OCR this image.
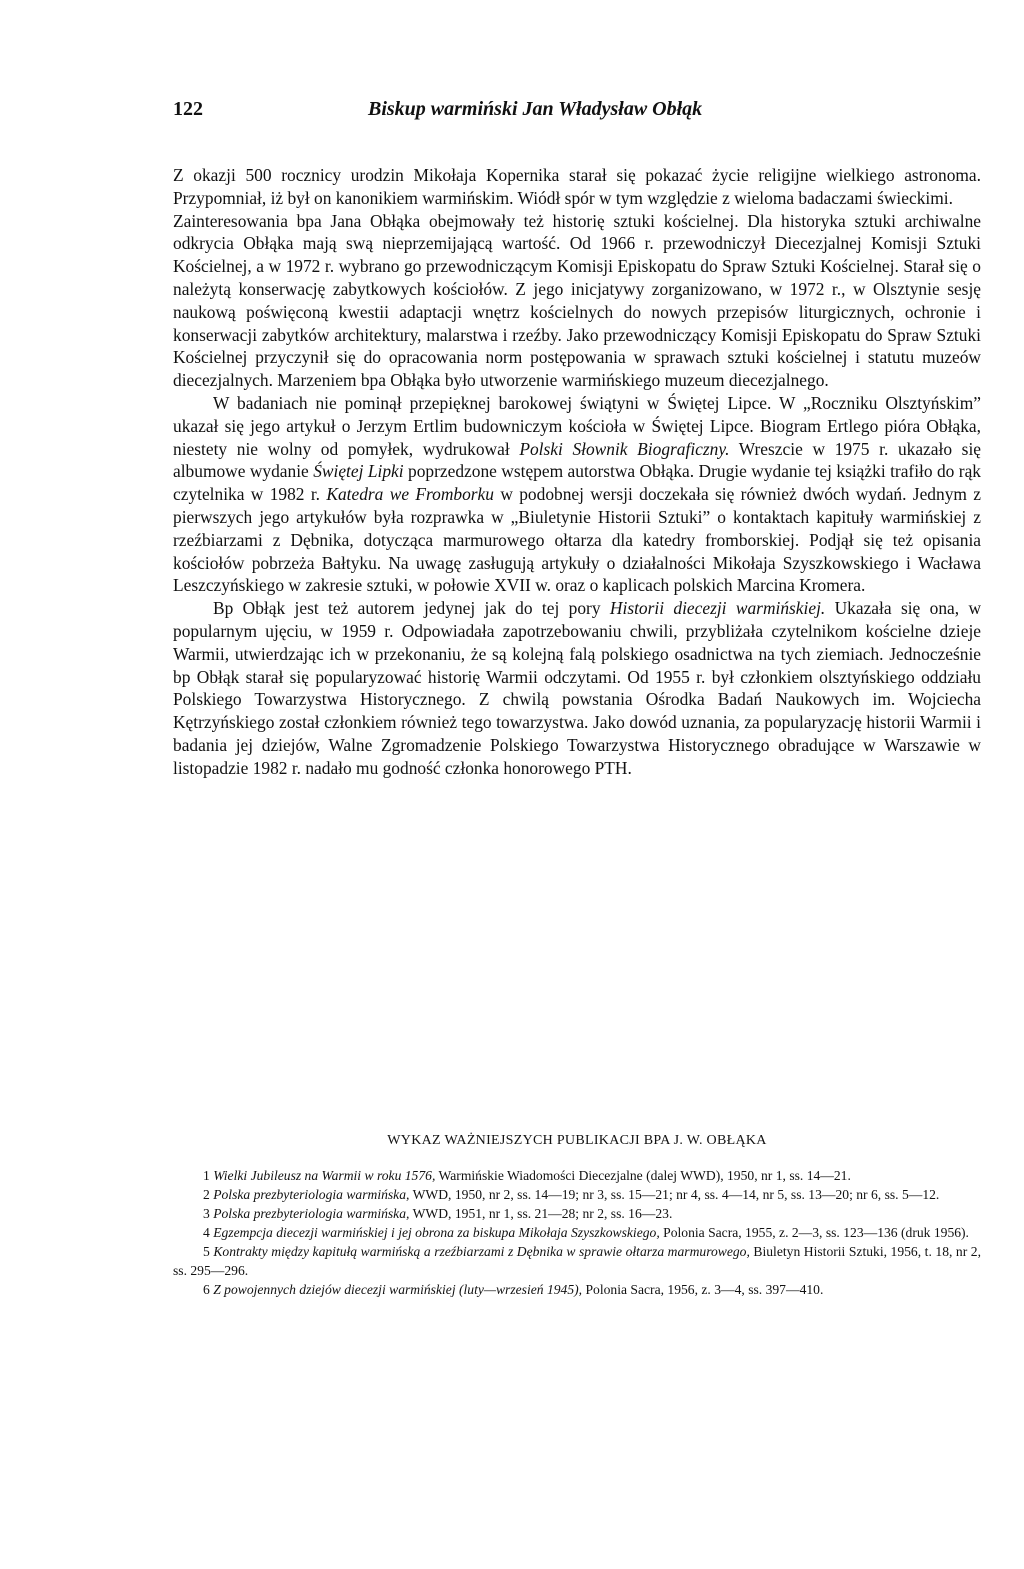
122	Biskup warmiński Jan Władysław Obłąk

Z okazji 500 rocznicy urodzin Mikołaja Kopernika starał się pokazać życie religijne wielkiego astronoma. Przypomniał, iż był on kanonikiem warmińskim. Wiódł spór w tym względzie z wieloma badaczami świeckimi.

Zainteresowania bpa Jana Obłąka obejmowały też historię sztuki kościelnej. Dla historyka sztuki archiwalne odkrycia Obłąka mają swą nieprzemijającą wartość. Od 1966 r. przewodniczył Diecezjalnej Komisji Sztuki Kościelnej, a w 1972 r. wybrano go przewodniczącym Komisji Episkopatu do Spraw Sztuki Kościelnej. Starał się o należytą konserwację zabytkowych kościołów. Z jego inicjatywy zorganizowano, w 1972 r., w Olsztynie sesję naukową poświęconą kwestii adaptacji wnętrz kościelnych do nowych przepisów liturgicznych, ochronie i konserwacji zabytków architektury, malarstwa i rzeźby. Jako przewodniczący Komisji Episkopatu do Spraw Sztuki Kościelnej przyczynił się do opracowania norm postępowania w sprawach sztuki kościelnej i statutu muzeów diecezjalnych. Marzeniem bpa Obłąka było utworzenie warmińskiego muzeum diecezjalnego.

W badaniach nie pominął przepięknej barokowej świątyni w Świętej Lipce. W „Roczniku Olsztyńskim” ukazał się jego artykuł o Jerzym Ertlim budowniczym kościoła w Świętej Lipce. Biogram Ertlego pióra Obłąka, niestety nie wolny od pomyłek, wydrukował Polski Słownik Biograficzny. Wreszcie w 1975 r. ukazało się albumowe wydanie Świętej Lipki poprzedzone wstępem autorstwa Obłąka. Drugie wydanie tej książki trafiło do rąk czytelnika w 1982 r. Katedra we Fromborku w podobnej wersji doczekała się również dwóch wydań. Jednym z pierwszych jego artykułów była rozprawka w „Biuletynie Historii Sztuki” o kontaktach kapituły warmińskiej z rzeźbiarzami z Dębnika, dotycząca marmurowego ołtarza dla katedry fromborskiej. Podjął się też opisania kościołów pobrzeża Bałtyku. Na uwagę zasługują artykuły o działalności Mikołaja Szyszkowskiego i Wacława Leszczyńskiego w zakresie sztuki, w połowie XVII w. oraz o kaplicach polskich Marcina Kromera.

Bp Obłąk jest też autorem jedynej jak do tej pory Historii diecezji warmińskiej. Ukazała się ona, w popularnym ujęciu, w 1959 r. Odpowiadała zapotrzebowaniu chwili, przybliżała czytelnikom kościelne dzieje Warmii, utwierdzając ich w przekonaniu, że są kolejną falą polskiego osadnictwa na tych ziemiach. Jednocześnie bp Obłąk starał się popularyzować historię Warmii odczytami. Od 1955 r. był członkiem olsztyńskiego oddziału Polskiego Towarzystwa Historycznego. Z chwilą powstania Ośrodka Badań Naukowych im. Wojciecha Kętrzyńskiego został członkiem również tego towarzystwa. Jako dowód uznania, za popularyzację historii Warmii i badania jej dziejów, Walne Zgromadzenie Polskiego Towarzystwa Historycznego obradujące w Warszawie w listopadzie 1982 r. nadało mu godność członka honorowego PTH.

WYKAZ WAŻNIEJSZYCH PUBLIKACJI BPA J. W. OBŁĄKA

1 Wielki Jubileusz na Warmii w roku 1576, Warmińskie Wiadomości Diecezjalne (dalej WWD), 1950, nr 1, ss. 14—21.

2 Polska prezbyteriologia warmińska, WWD, 1950, nr 2, ss. 14—19; nr 3, ss. 15—21; nr 4, ss. 4—14, nr 5, ss. 13—20; nr 6, ss. 5—12.

3 Polska prezbyteriologia warmińska, WWD, 1951, nr 1, ss. 21—28; nr 2, ss. 16—23.

4 Egzempcja diecezji warmińskiej i jej obrona za biskupa Mikołaja Szyszkowskiego, Polonia Sacra, 1955, z. 2—3, ss. 123—136 (druk 1956).

5 Kontrakty między kapitułą warmińską a rzeźbiarzami z Dębnika w sprawie ołtarza marmurowego, Biuletyn Historii Sztuki, 1956, t. 18, nr 2, ss. 295—296.

6 Z powojennych dziejów diecezji warmińskiej (luty—wrzesień 1945), Polonia Sacra, 1956, z. 3—4, ss. 397—410.
